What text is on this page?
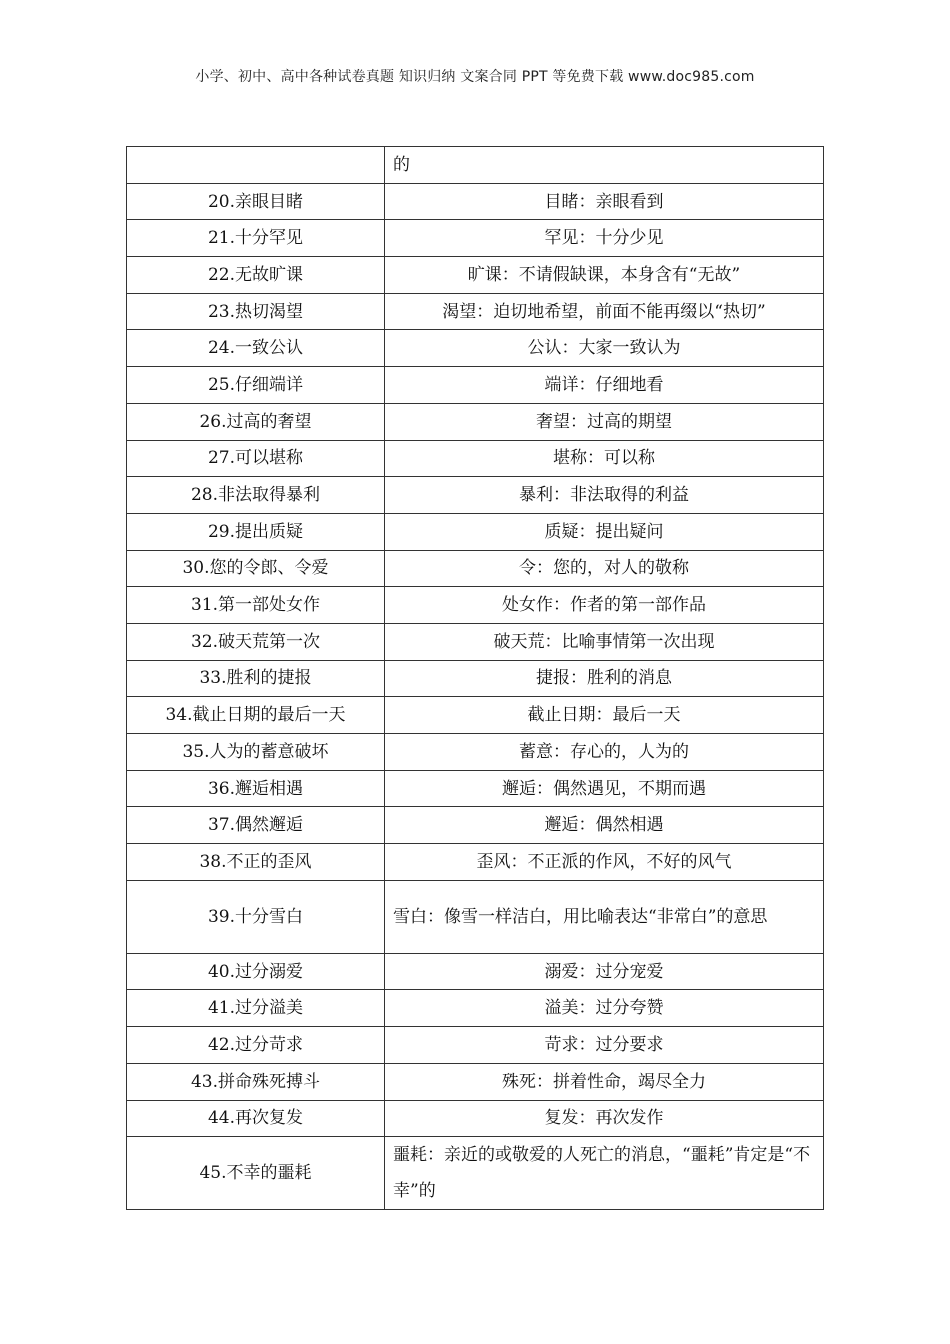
小学、初中、高中各种试卷真题 知识归纳 文案合同 PPT 等免费下载 www.doc985.com
	的
20.亲眼目睹	目睹：亲眼看到
21.十分罕见	罕见：十分少见
22.无故旷课	旷课：不请假缺课，本身含有“无故”
23.热切渴望	渴望：迫切地希望，前面不能再缀以“热切”
24.一致公认	公认：大家一致认为
25.仔细端详	端详：仔细地看
26.过高的奢望	奢望：过高的期望
27.可以堪称	堪称：可以称
28.非法取得暴利	暴利：非法取得的利益
29.提出质疑	质疑：提出疑问
30.您的令郎、令爱	令：您的，对人的敬称
31.第一部处女作	处女作：作者的第一部作品
32.破天荒第一次	破天荒：比喻事情第一次出现
33.胜利的捷报	捷报：胜利的消息
34.截止日期的最后一天	截止日期：最后一天
35.人为的蓄意破坏	蓄意：存心的，人为的
36.邂逅相遇	邂逅：偶然遇见，不期而遇
37.偶然邂逅	邂逅：偶然相遇
38.不正的歪风	歪风：不正派的作风，不好的风气
39.十分雪白	雪白：像雪一样洁白，用比喻表达“非常白”的意思
40.过分溺爱	溺爱：过分宠爱
41.过分溢美	溢美：过分夸赞
42.过分苛求	苛求：过分要求
43.拼命殊死搏斗	殊死：拼着性命，竭尽全力
44.再次复发	复发：再次发作
45.不幸的噩耗	噩耗：亲近的或敬爱的人死亡的消息，“噩耗”肯定是“不幸”的
